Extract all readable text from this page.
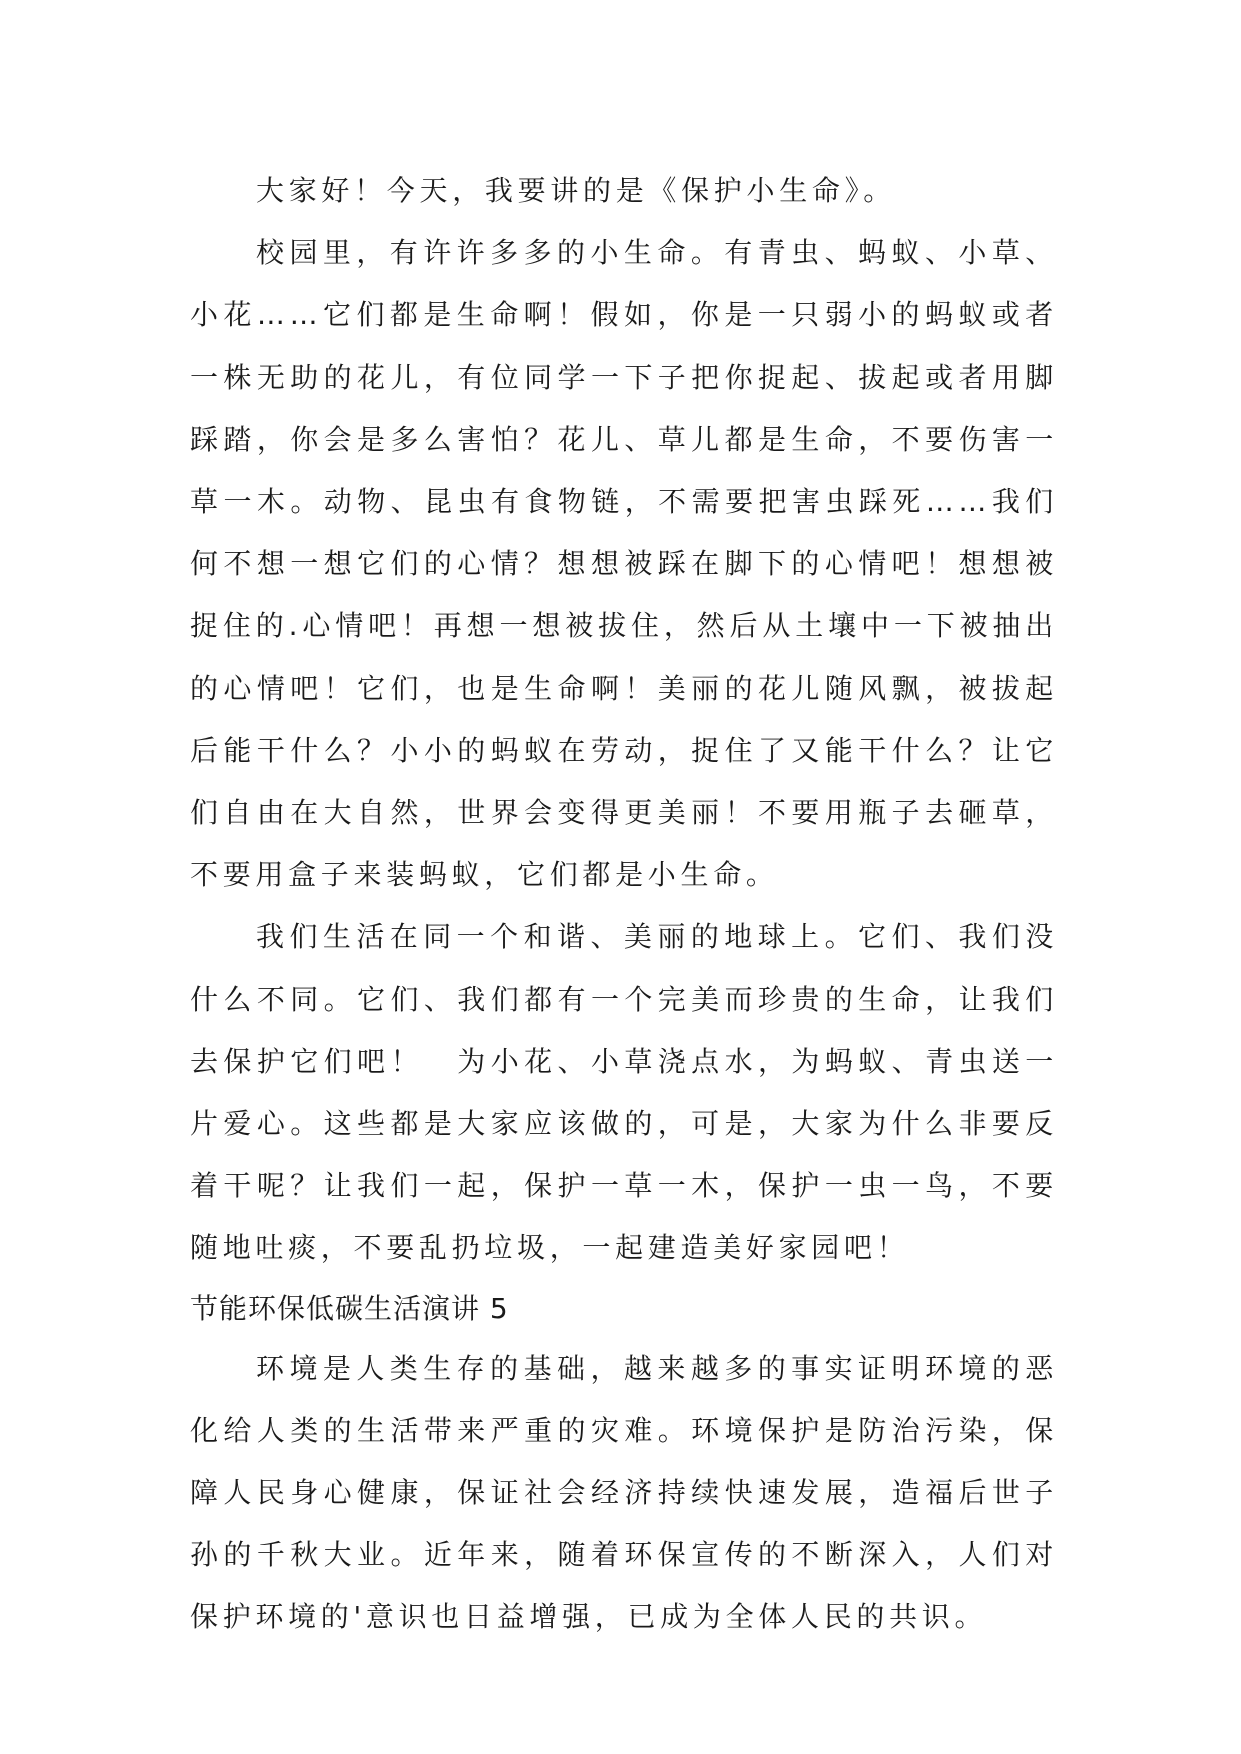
大家好！今天，我要讲的是《保护小生命》。

校园里，有许许多多的小生命。有青虫、蚂蚁、小草、小花……它们都是生命啊！假如，你是一只弱小的蚂蚁或者一株无助的花儿，有位同学一下子把你捉起、拔起或者用脚踩踏，你会是多么害怕？花儿、草儿都是生命，不要伤害一草一木。动物、昆虫有食物链，不需要把害虫踩死……我们何不想一想它们的心情？想想被踩在脚下的心情吧！想想被捉住的.心情吧！再想一想被拔住，然后从土壤中一下被抽出的心情吧！它们，也是生命啊！美丽的花儿随风飘，被拔起后能干什么？小小的蚂蚁在劳动，捉住了又能干什么？让它们自由在大自然，世界会变得更美丽！不要用瓶子去砸草，不要用盒子来装蚂蚁，它们都是小生命。

我们生活在同一个和谐、美丽的地球上。它们、我们没什么不同。它们、我们都有一个完美而珍贵的生命，让我们去保护它们吧！　为小花、小草浇点水，为蚂蚁、青虫送一片爱心。这些都是大家应该做的，可是，大家为什么非要反着干呢？让我们一起，保护一草一木，保护一虫一鸟，不要随地吐痰，不要乱扔垃圾，一起建造美好家园吧！

节能环保低碳生活演讲 5

环境是人类生存的基础，越来越多的事实证明环境的恶化给人类的生活带来严重的灾难。环境保护是防治污染，保障人民身心健康，保证社会经济持续快速发展，造福后世子孙的千秋大业。近年来，随着环保宣传的不断深入，人们对保护环境的'意识也日益增强，已成为全体人民的共识。
